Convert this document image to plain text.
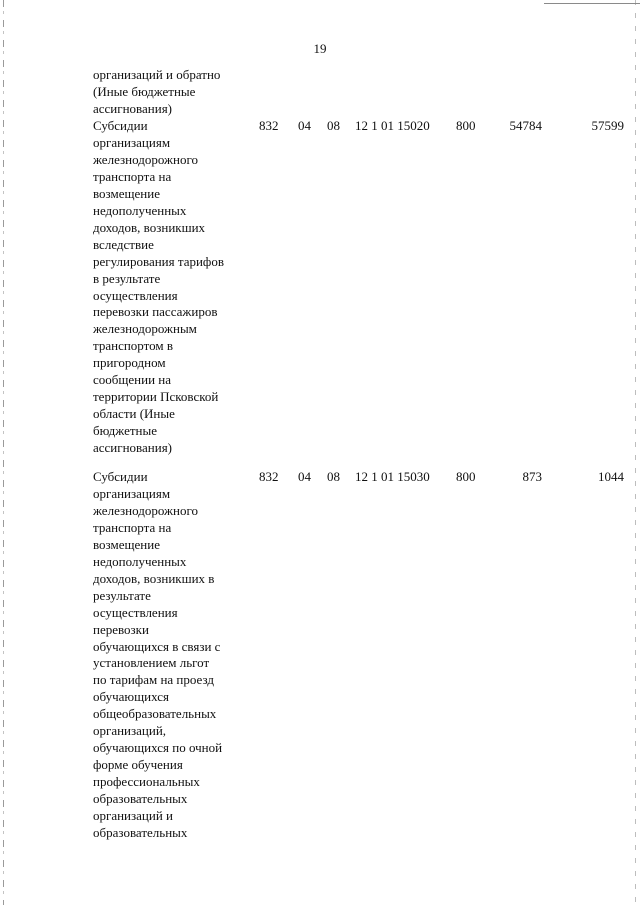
19
организаций и обратно
(Иные бюджетные
ассигнования)
Субсидии
организациям
железнодорожного
транспорта на
возмещение
недополученных
доходов, возникших
вследствие
регулирования тарифов
в результате
осуществления
перевозки пассажиров
железнодорожным
транспортом в
пригородном
сообщении на
территории Псковской
области (Иные
бюджетные
ассигнования)
832 04 08 12 1 01 15020 800	54784	57599
Субсидии
организациям
железнодорожного
транспорта на
возмещение
недополученных
доходов, возникших в
результате
осуществления
перевозки
обучающихся в связи с
установлением льгот
по тарифам на проезд
обучающихся
общеобразовательных
организаций,
обучающихся по очной
форме обучения
профессиональных
образовательных
организаций и
образовательных
832 04 08 12 1 01 15030 800	873	1044
